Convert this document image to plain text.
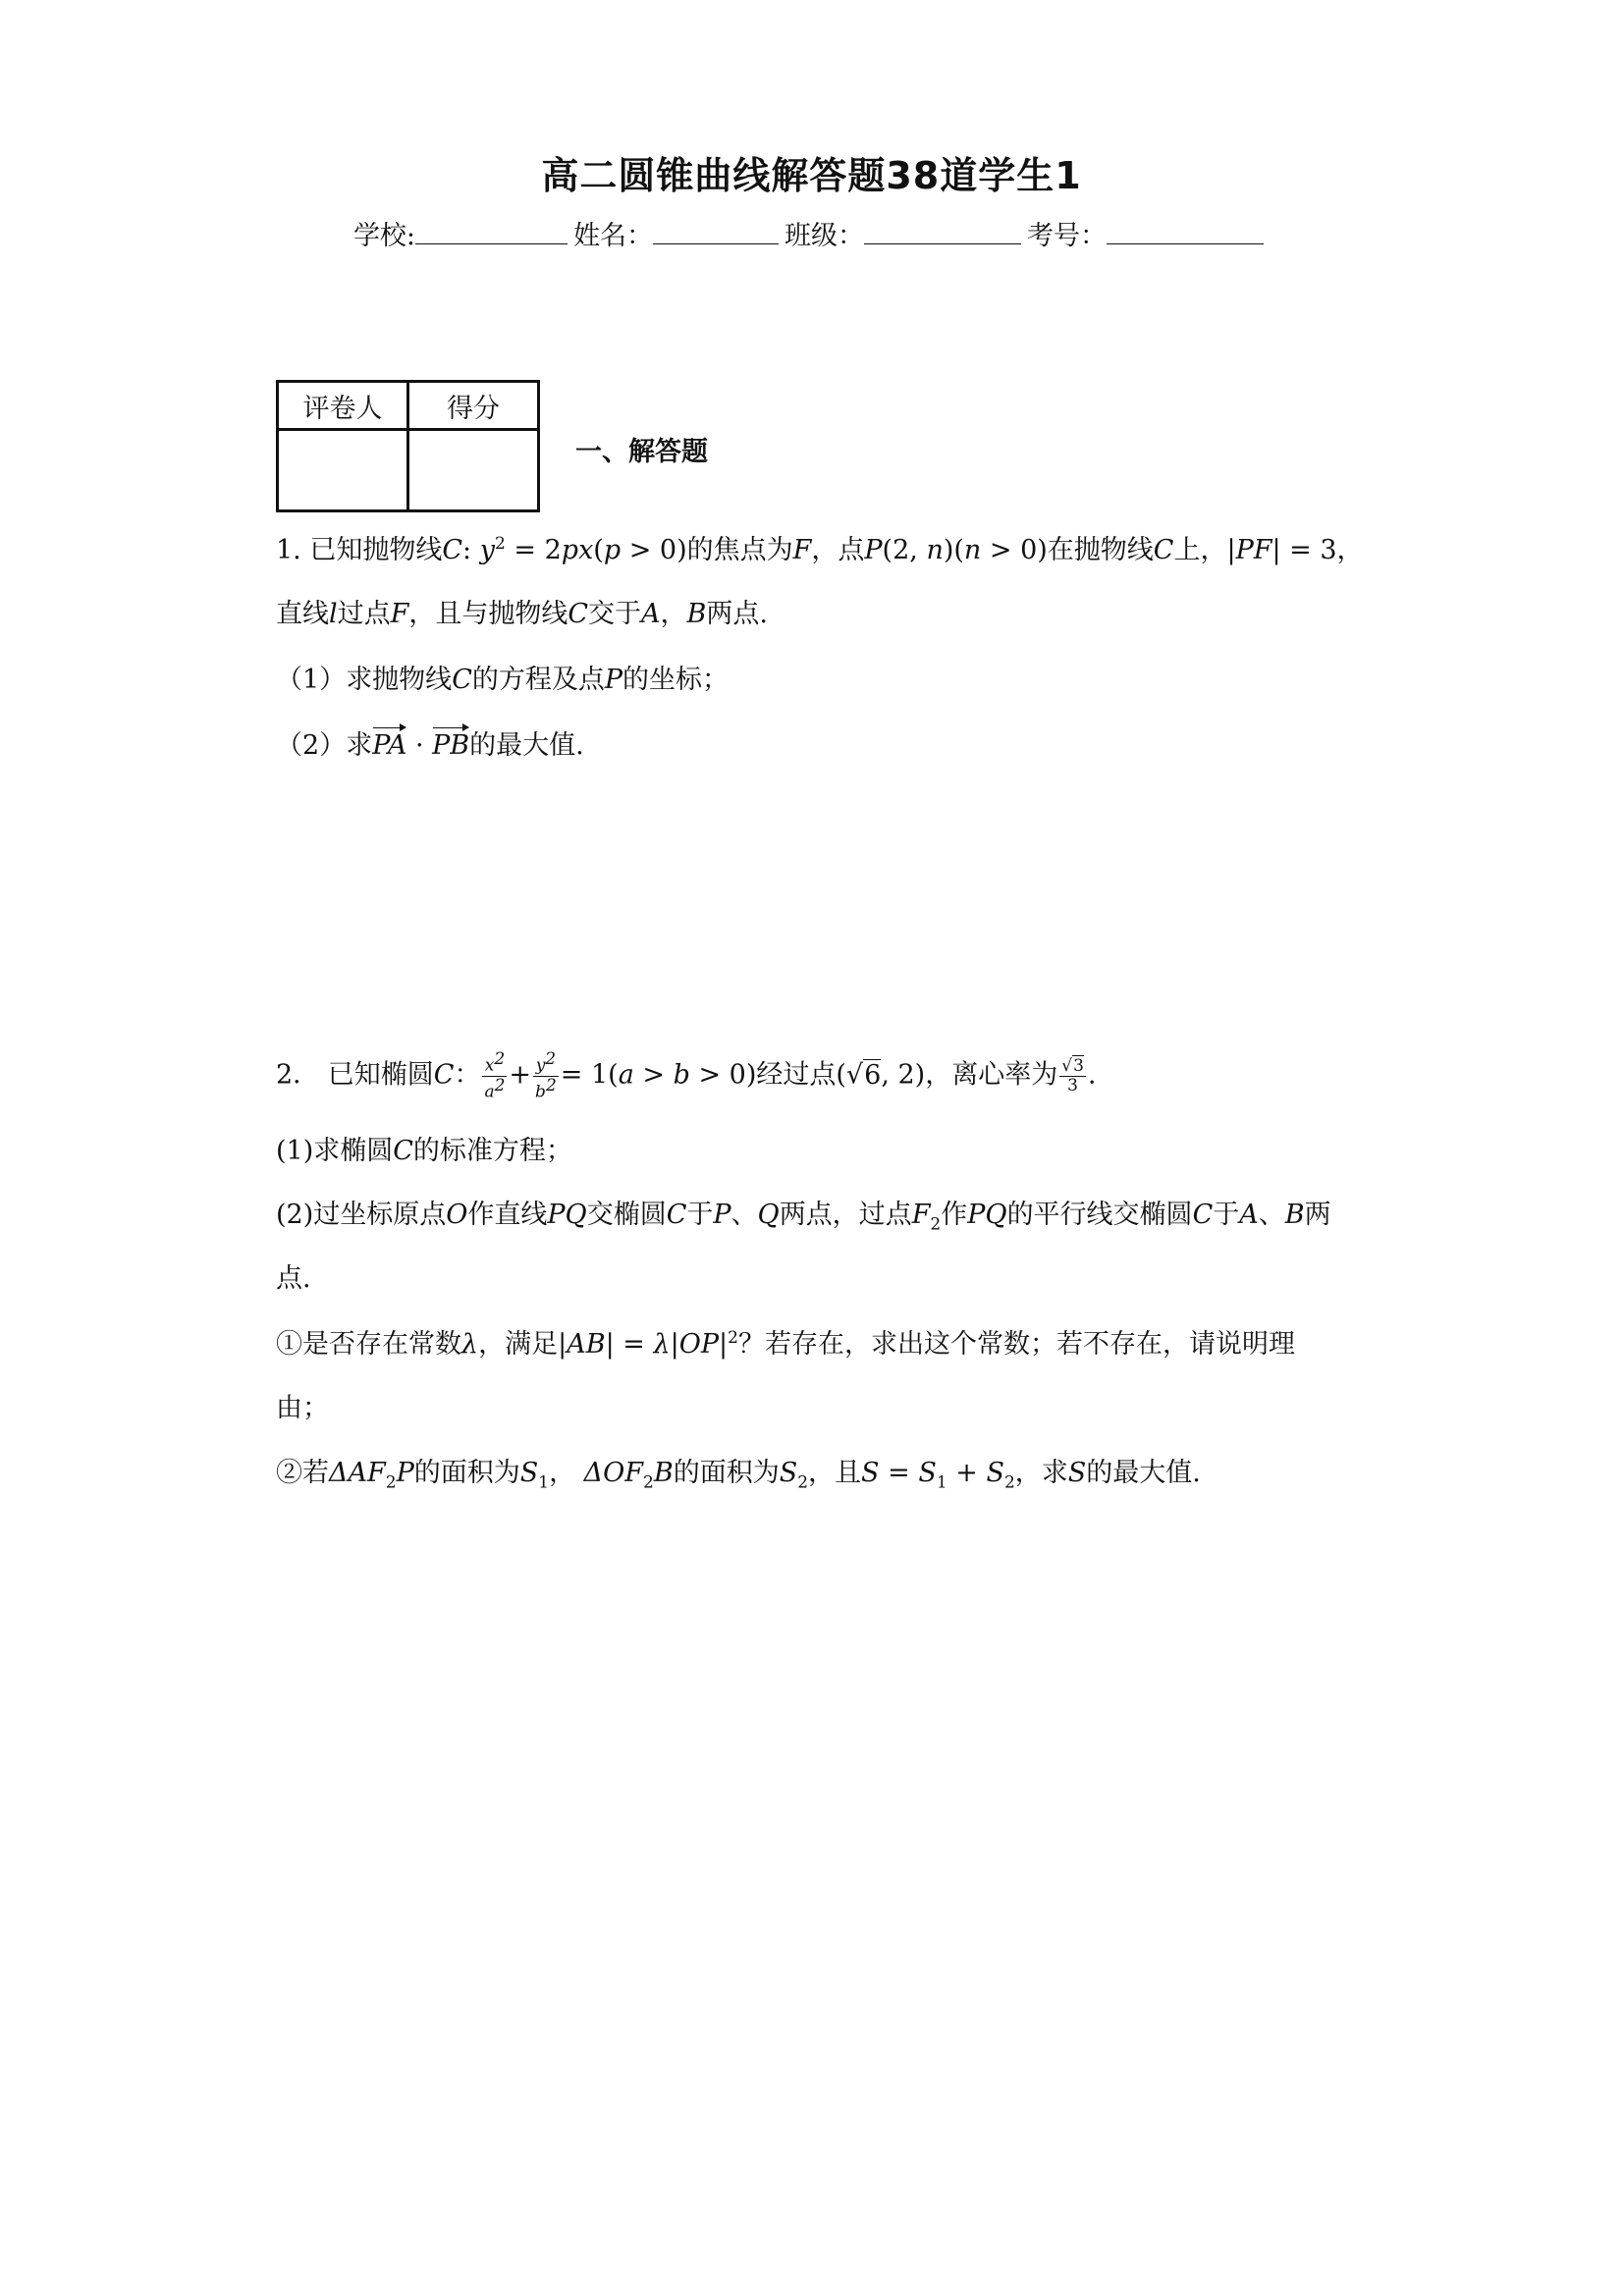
高二圆锥曲线解答题38道学生1
学校:	姓名：	班级：	考号：
评卷人	得分

一、解答题
1. 已知抛物线C: $y^2 = 2px(p > 0)$的焦点为F，点P(2, n)(n > 0)在抛物线C上，|PF| = 3，
直线l过点F，且与抛物线C交于A，B两点.
（1）求抛物线C的方程及点P的坐标；
（2）求PA · PB的最大值.
2． 已知椭圆C： $\frac{x^2}{a^2} + \frac{y^2}{b^2} = 1(a > b > 0)$经过点(√6, 2)，离心率为 $\frac{√3}{3}$ .
(1)求椭圆C的标准方程；
(2)过坐标原点O作直线PQ交椭圆C于P、Q两点，过点$F_2$作PQ的平行线交椭圆C于A、B两
点.
①是否存在常数λ，满足$|AB| = \lambda|OP|^2$？若存在，求出这个常数；若不存在，请说明理
由；
②若$\Delta AF_2P$的面积为$S_1$， $\Delta OF_2B$的面积为$S_2$，且$S = S_1 + S_2$，求S的最大值.
